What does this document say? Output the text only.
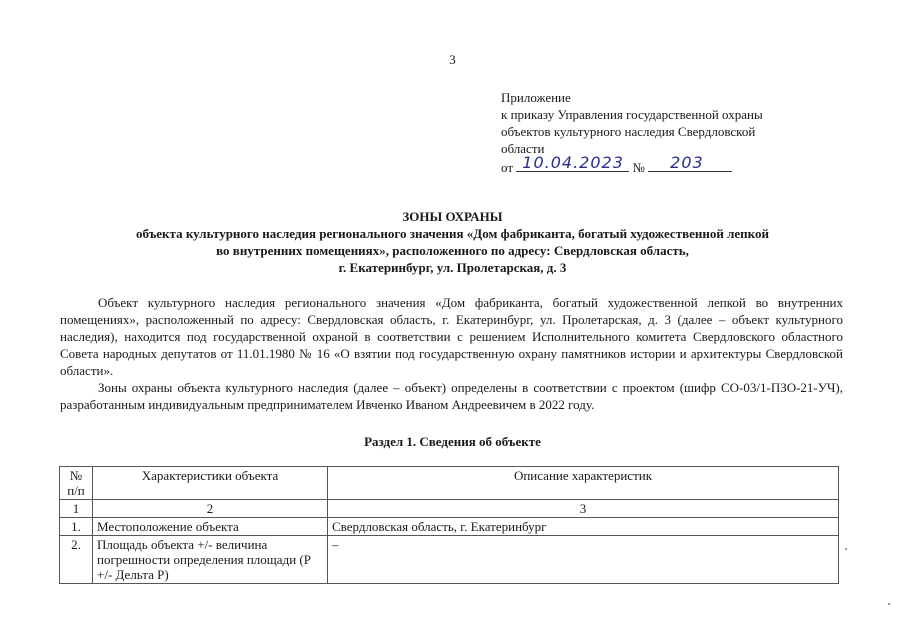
3
Приложение
к приказу Управления государственной охраны
объектов культурного наследия Свердловской
области
от 10.04.2023 № 203
ЗОНЫ ОХРАНЫ
объекта культурного наследия регионального значения «Дом фабриканта, богатый художественной лепкой
во внутренних помещениях», расположенного по адресу: Свердловская область,
г. Екатеринбург, ул. Пролетарская, д. 3

Объект культурного наследия регионального значения «Дом фабриканта, богатый художественной лепкой во внутренних помещениях», расположенный по адресу: Свердловская область, г. Екатеринбург, ул. Пролетарская, д. 3 (далее – объект культурного наследия), находится под государственной охраной в соответствии с решением Исполнительного комитета Свердловского областного Совета народных депутатов от 11.01.1980 № 16 «О взятии под государственную охрану памятников истории и архитектуры Свердловской области».

Зоны охраны объекта культурного наследия (далее – объект) определены в соответствии с проектом (шифр СО-03/1-ПЗО-21-УЧ), разработанным индивидуальным предпринимателем Ивченко Иваном Андреевичем в 2022 году.

Раздел 1. Сведения об объекте
№ п/п	Характеристики объекта	Описание характеристик
1	2	3
1.	Местоположение объекта	Свердловская область, г. Екатеринбург
2.	Площадь объекта +/- величина погрешности определения площади (Р +/- Дельта Р)	–
